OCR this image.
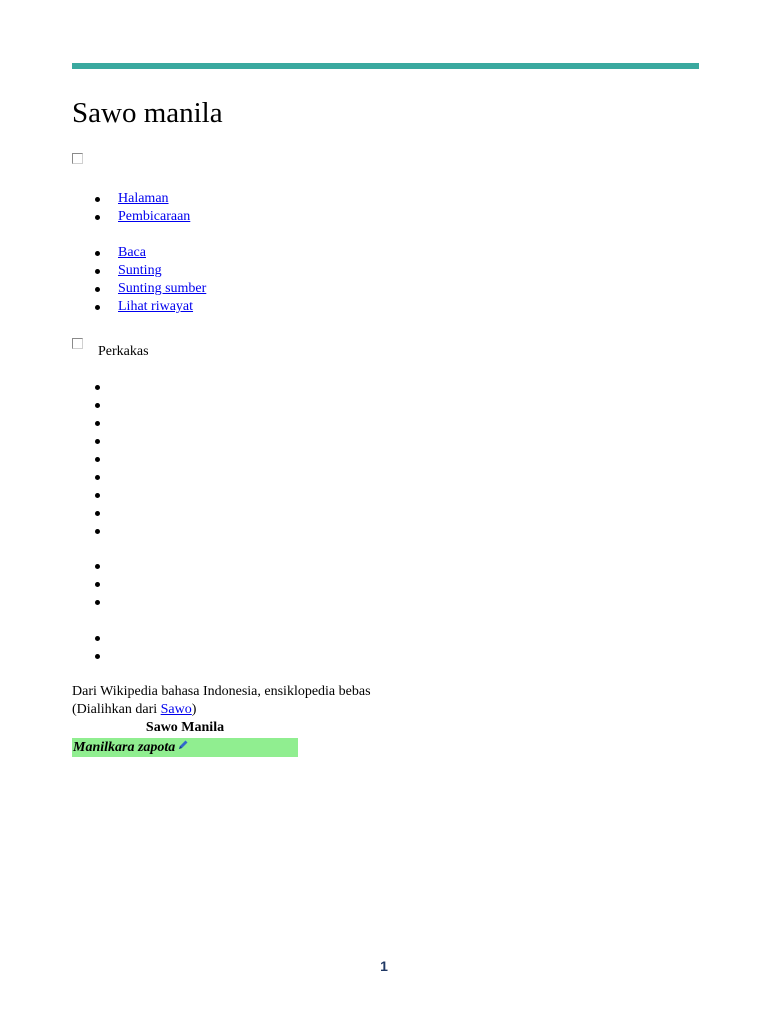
Sawo manila
Halaman
Pembicaraan
Baca
Sunting
Sunting sumber
Lihat riwayat
Perkakas
Dari Wikipedia bahasa Indonesia, ensiklopedia bebas
(Dialihkan dari Sawo)
Sawo Manila
Manilkara zapota
1
